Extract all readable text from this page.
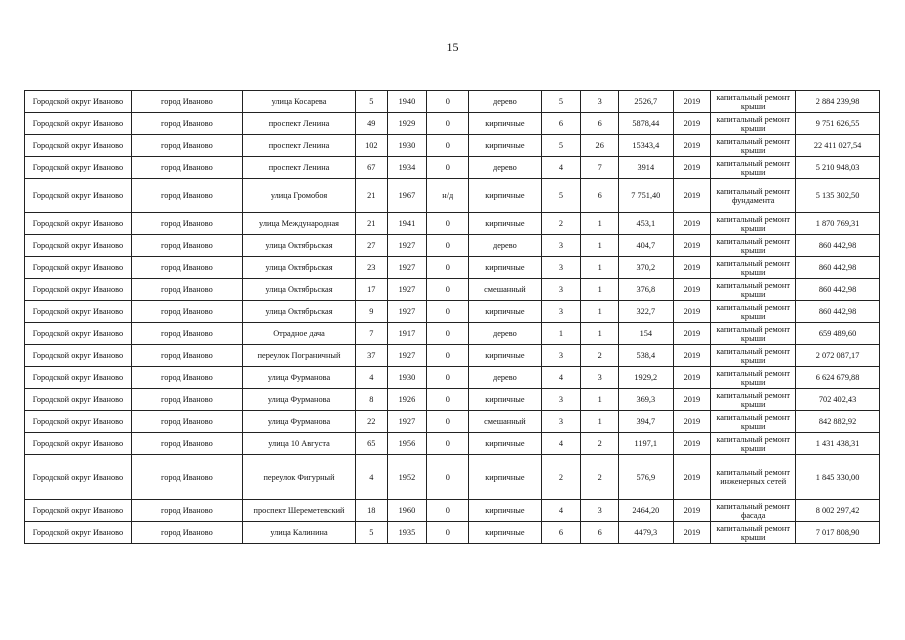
15
Городской округ Иваново	город Иваново	улица Косарева	5	1940	0	дерево	5	3	2526,7	2019	капитальный ремонт крыши	2 884 239,98
Городской округ Иваново	город Иваново	проспект Ленина	49	1929	0	кирпичные	6	6	5878,44	2019	капитальный ремонт крыши	9 751 626,55
Городской округ Иваново	город Иваново	проспект Ленина	102	1930	0	кирпичные	5	26	15343,4	2019	капитальный ремонт крыши	22 411 027,54
Городской округ Иваново	город Иваново	проспект Ленина	67	1934	0	дерево	4	7	3914	2019	капитальный ремонт крыши	5 210 948,03
Городской округ Иваново	город Иваново	улица Громобоя	21	1967	н/д	кирпичные	5	6	7 751,40	2019	капитальный ремонт фундамента	5 135 302,50
Городской округ Иваново	город Иваново	улица Международная	21	1941	0	кирпичные	2	1	453,1	2019	капитальный ремонт крыши	1 870 769,31
Городской округ Иваново	город Иваново	улица Октябрьская	27	1927	0	дерево	3	1	404,7	2019	капитальный ремонт крыши	860 442,98
Городской округ Иваново	город Иваново	улица Октябрьская	23	1927	0	кирпичные	3	1	370,2	2019	капитальный ремонт крыши	860 442,98
Городской округ Иваново	город Иваново	улица Октябрьская	17	1927	0	смешанный	3	1	376,8	2019	капитальный ремонт крыши	860 442,98
Городской округ Иваново	город Иваново	улица Октябрьская	9	1927	0	кирпичные	3	1	322,7	2019	капитальный ремонт крыши	860 442,98
Городской округ Иваново	город Иваново	Отрадное дача	7	1917	0	дерево	1	1	154	2019	капитальный ремонт крыши	659 489,60
Городской округ Иваново	город Иваново	переулок Пограничный	37	1927	0	кирпичные	3	2	538,4	2019	капитальный ремонт крыши	2 072 087,17
Городской округ Иваново	город Иваново	улица Фурманова	4	1930	0	дерево	4	3	1929,2	2019	капитальный ремонт крыши	6 624 679,88
Городской округ Иваново	город Иваново	улица Фурманова	8	1926	0	кирпичные	3	1	369,3	2019	капитальный ремонт крыши	702 402,43
Городской округ Иваново	город Иваново	улица Фурманова	22	1927	0	смешанный	3	1	394,7	2019	капитальный ремонт крыши	842 882,92
Городской округ Иваново	город Иваново	улица 10 Августа	65	1956	0	кирпичные	4	2	1197,1	2019	капитальный ремонт крыши	1 431 438,31
Городской округ Иваново	город Иваново	переулок Фигурный	4	1952	0	кирпичные	2	2	576,9	2019	капитальный ремонт инженерных сетей	1 845 330,00
Городской округ Иваново	город Иваново	проспект Шереметевский	18	1960	0	кирпичные	4	3	2464,20	2019	капитальный ремонт фасада	8 002 297,42
Городской округ Иваново	город Иваново	улица Калинина	5	1935	0	кирпичные	6	6	4479,3	2019	капитальный ремонт крыши	7 017 808,90
